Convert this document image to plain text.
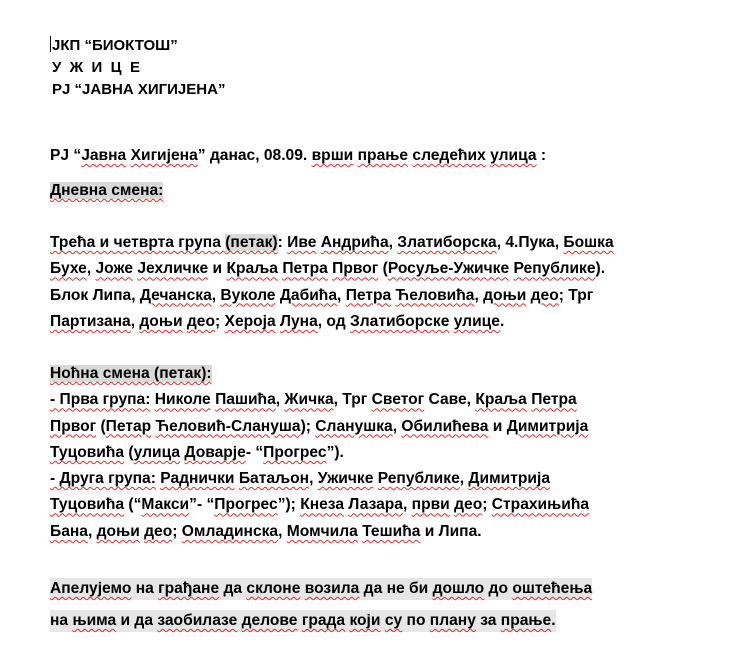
ЈКП “БИОКТОШ”
У  Ж  И  Ц  Е
РЈ “ЈАВНА ХИГИЈЕНА”
РЈ “Јавна Хигијена” данас, 08.09. врши прање следећих улица :
Дневна смена:
Трећа и четврта група (петак): Иве Андрића, Златиборска, 4.Пука, Бошка
Бухе, Јоже Јехличке и Краља Петра Првог (Росуље-Ужичке Републике).
Блок Липа, Дечанска, Вуколе Дабића, Петра Ћеловића, доњи део; Трг
Партизана, доњи део; Хероја Луна, од Златиборске улице.
Ноћна смена (петак):
- Прва група: Николе Пашића, Жичка, Трг Светог Саве, Краља Петра
Првог (Петар Ћеловић-Слануша); Сланушка, Обилићева и Димитрија
Туцовића (улица Доварје- “Прогрес”).
- Друга група: Раднички Батаљон, Ужичке Републике, Димитрија
Туцовића (“Макси”- “Прогрес”); Кнеза Лазара, први део; Страхињића
Бана, доњи део; Омладинска, Момчила Тешића и Липа.
Апелујемо на грађане да склоне возила да не би дошло до оштећења
на њима и да заобилазе делове града који су по плану за прање.
